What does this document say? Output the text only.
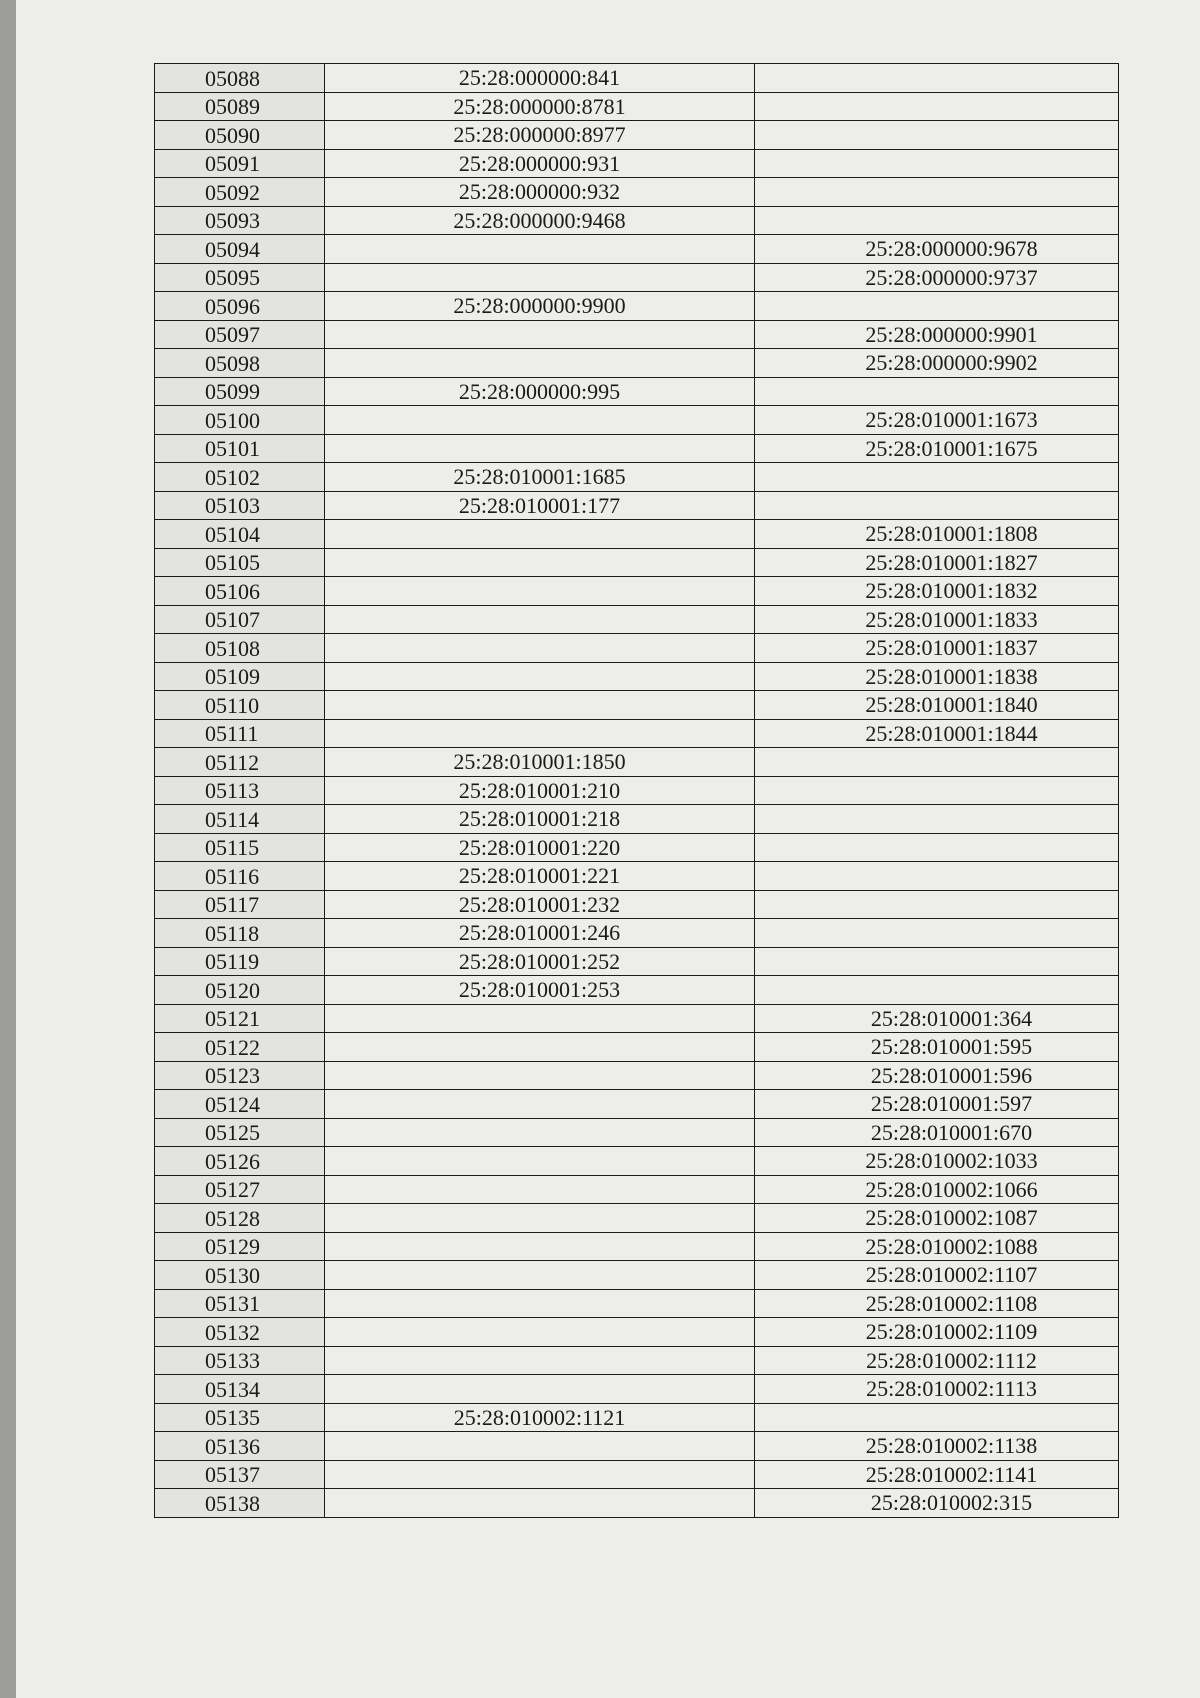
05088	25:28:000000:841	
05089	25:28:000000:8781	
05090	25:28:000000:8977	
05091	25:28:000000:931	
05092	25:28:000000:932	
05093	25:28:000000:9468	
05094		25:28:000000:9678
05095		25:28:000000:9737
05096	25:28:000000:9900	
05097		25:28:000000:9901
05098		25:28:000000:9902
05099	25:28:000000:995	
05100		25:28:010001:1673
05101		25:28:010001:1675
05102	25:28:010001:1685	
05103	25:28:010001:177	
05104		25:28:010001:1808
05105		25:28:010001:1827
05106		25:28:010001:1832
05107		25:28:010001:1833
05108		25:28:010001:1837
05109		25:28:010001:1838
05110		25:28:010001:1840
05111		25:28:010001:1844
05112	25:28:010001:1850	
05113	25:28:010001:210	
05114	25:28:010001:218	
05115	25:28:010001:220	
05116	25:28:010001:221	
05117	25:28:010001:232	
05118	25:28:010001:246	
05119	25:28:010001:252	
05120	25:28:010001:253	
05121		25:28:010001:364
05122		25:28:010001:595
05123		25:28:010001:596
05124		25:28:010001:597
05125		25:28:010001:670
05126		25:28:010002:1033
05127		25:28:010002:1066
05128		25:28:010002:1087
05129		25:28:010002:1088
05130		25:28:010002:1107
05131		25:28:010002:1108
05132		25:28:010002:1109
05133		25:28:010002:1112
05134		25:28:010002:1113
05135	25:28:010002:1121	
05136		25:28:010002:1138
05137		25:28:010002:1141
05138		25:28:010002:315
